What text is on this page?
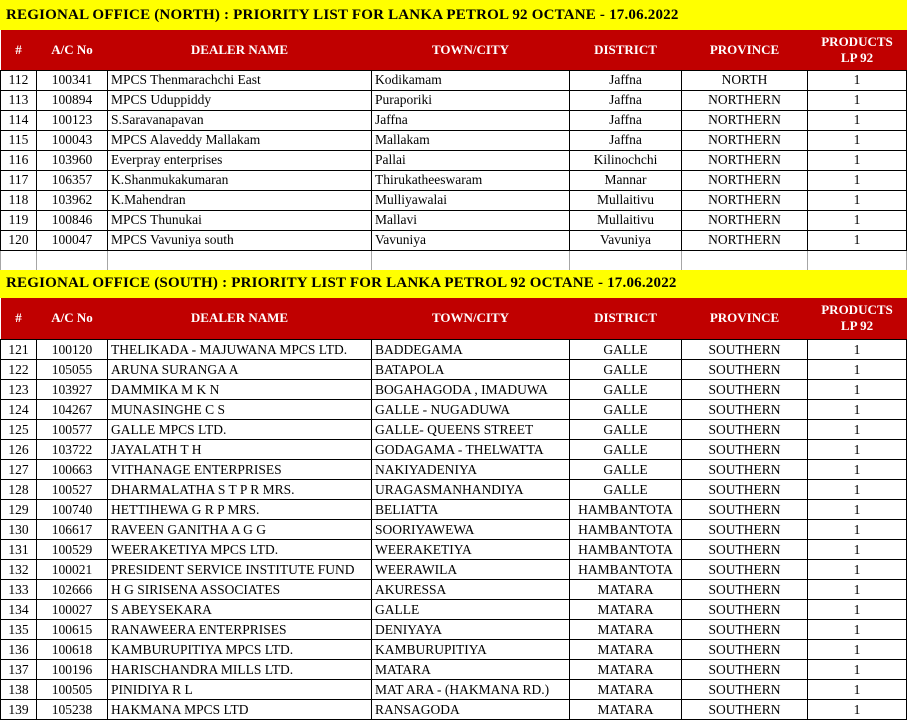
REGIONAL OFFICE (NORTH) : PRIORITY LIST FOR LANKA PETROL 92 OCTANE - 17.06.2022
#	A/C No	DEALER NAME	TOWN/CITY	DISTRICT	PROVINCE	PRODUCTS
LP 92

112	100341	MPCS Thenmarachchi East	Kodikamam	Jaffna	NORTH	1
113	100894	MPCS Uduppiddy	Puraporiki	Jaffna	NORTHERN	1
114	100123	S.Saravanapavan	Jaffna	Jaffna	NORTHERN	1
115	100043	MPCS Alaveddy Mallakam	Mallakam	Jaffna	NORTHERN	1
116	103960	Everpray enterprises	Pallai	Kilinochchi	NORTHERN	1
117	106357	K.Shanmukakumaran	Thirukatheeswaram	Mannar	NORTHERN	1
118	103962	K.Mahendran	Mulliyawalai	Mullaitivu	NORTHERN	1
119	100846	MPCS Thunukai	Mallavi	Mullaitivu	NORTHERN	1
120	100047	MPCS Vavuniya south	Vavuniya	Vavuniya	NORTHERN	1

REGIONAL OFFICE (SOUTH) : PRIORITY LIST FOR LANKA PETROL 92 OCTANE - 17.06.2022
#	A/C No	DEALER NAME	TOWN/CITY	DISTRICT	PROVINCE	PRODUCTS
LP 92

121	100120	THELIKADA - MAJUWANA MPCS LTD.	BADDEGAMA	GALLE	SOUTHERN	1
122	105055	ARUNA SURANGA A	BATAPOLA	GALLE	SOUTHERN	1
123	103927	DAMMIKA M K N	BOGAHAGODA , IMADUWA	GALLE	SOUTHERN	1
124	104267	MUNASINGHE C S	GALLE - NUGADUWA	GALLE	SOUTHERN	1
125	100577	GALLE MPCS LTD.	GALLE- QUEENS STREET	GALLE	SOUTHERN	1
126	103722	JAYALATH T H	GODAGAMA - THELWATTA	GALLE	SOUTHERN	1
127	100663	VITHANAGE ENTERPRISES	NAKIYADENIYA	GALLE	SOUTHERN	1
128	100527	DHARMALATHA S T P R MRS.	URAGASMANHANDIYA	GALLE	SOUTHERN	1
129	100740	HETTIHEWA G R P MRS.	BELIATTA	HAMBANTOTA	SOUTHERN	1
130	106617	RAVEEN GANITHA A G G	SOORIYAWEWA	HAMBANTOTA	SOUTHERN	1
131	100529	WEERAKETIYA MPCS LTD.	WEERAKETIYA	HAMBANTOTA	SOUTHERN	1
132	100021	PRESIDENT SERVICE INSTITUTE FUND	WEERAWILA	HAMBANTOTA	SOUTHERN	1
133	102666	H G SIRISENA ASSOCIATES	AKURESSA	MATARA	SOUTHERN	1
134	100027	S ABEYSEKARA	GALLE	MATARA	SOUTHERN	1
135	100615	RANAWEERA ENTERPRISES	DENIYAYA	MATARA	SOUTHERN	1
136	100618	KAMBURUPITIYA MPCS LTD.	KAMBURUPITIYA	MATARA	SOUTHERN	1
137	100196	HARISCHANDRA MILLS LTD.	MATARA	MATARA	SOUTHERN	1
138	100505	PINIDIYA R L	MAT ARA - (HAKMANA RD.)	MATARA	SOUTHERN	1
139	105238	HAKMANA MPCS LTD	RANSAGODA	MATARA	SOUTHERN	1
